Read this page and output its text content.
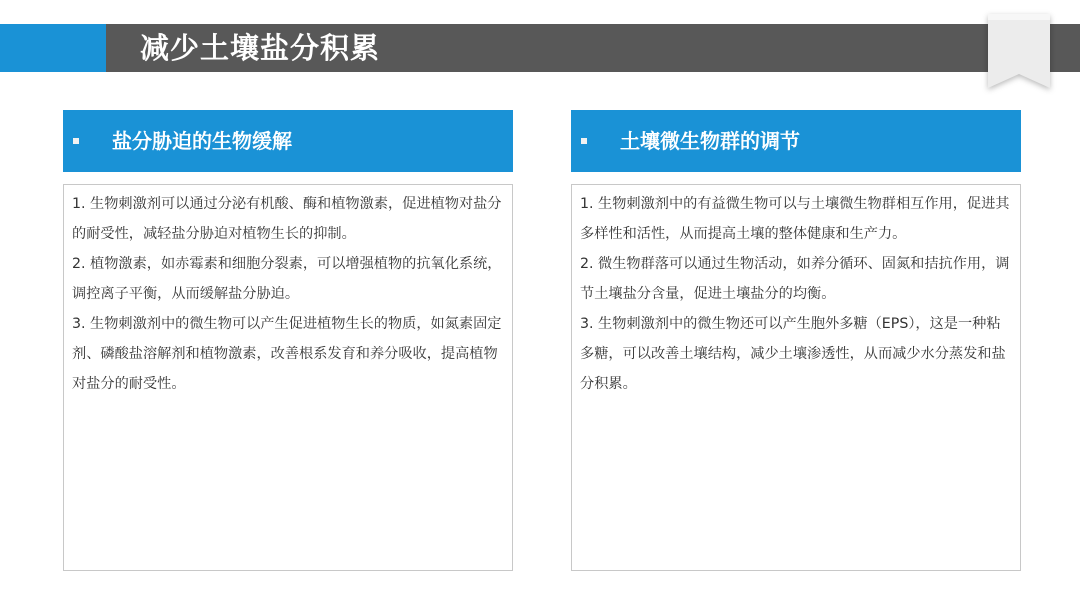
减少土壤盐分积累
盐分胁迫的生物缓解

1. 生物刺激剂可以通过分泌有机酸、酶和植物激素，促进植物对盐分的耐受性，减轻盐分胁迫对植物生长的抑制。

2. 植物激素，如赤霉素和细胞分裂素，可以增强植物的抗氧化系统，调控离子平衡，从而缓解盐分胁迫。

3. 生物刺激剂中的微生物可以产生促进植物生长的物质，如氮素固定剂、磷酸盐溶解剂和植物激素，改善根系发育和养分吸收，提高植物对盐分的耐受性。

土壤微生物群的调节

1. 生物刺激剂中的有益微生物可以与土壤微生物群相互作用，促进其多样性和活性，从而提高土壤的整体健康和生产力。

2. 微生物群落可以通过生物活动，如养分循环、固氮和拮抗作用，调节土壤盐分含量，促进土壤盐分的均衡。

3. 生物刺激剂中的微生物还可以产生胞外多糖（EPS），这是一种粘多糖，可以改善土壤结构，减少土壤渗透性，从而减少水分蒸发和盐分积累。
